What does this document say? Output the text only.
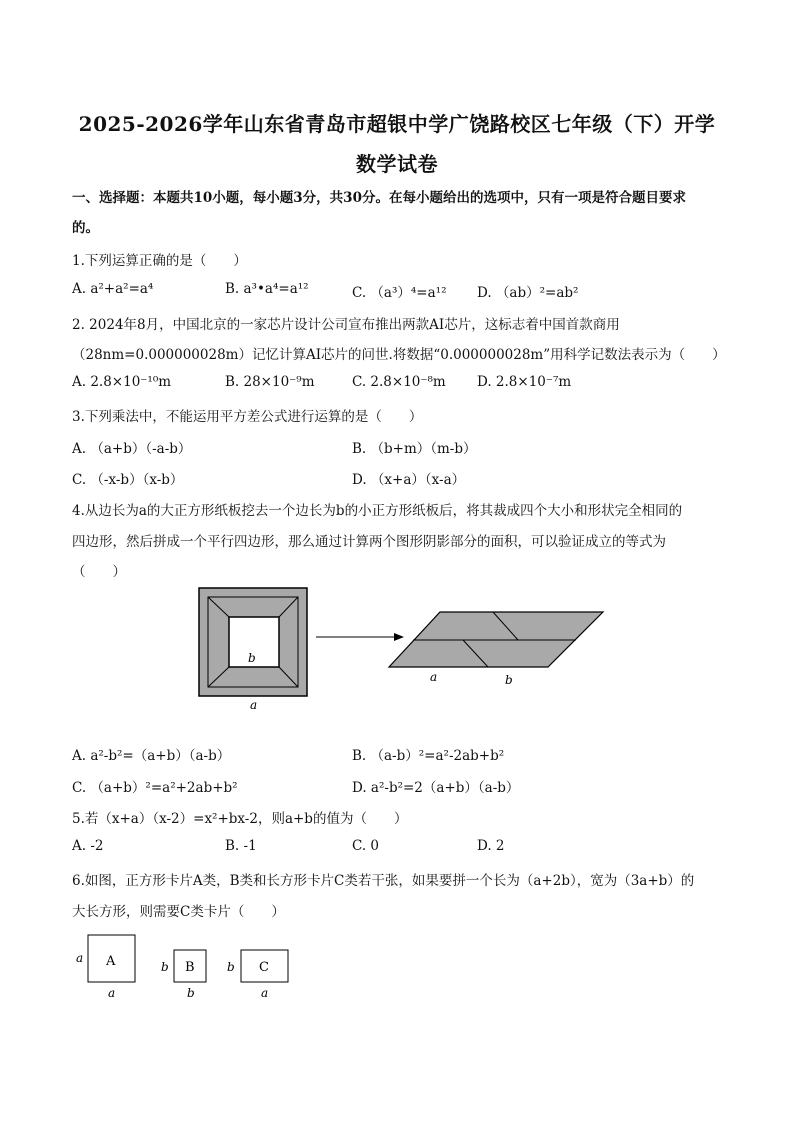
2025-2026学年山东省青岛市超银中学广饶路校区七年级（下）开学
数学试卷
一、选择题：本题共10小题，每小题3分，共30分。在每小题给出的选项中，只有一项是符合题目要求
的。
1.下列运算正确的是（　　）
A. a²+a²=a⁴	B. a³•a⁴=a¹²	C. （a³）⁴=a¹² D. （ab）²=ab²
2. 2024年8月，中国北京的一家芯片设计公司宣布推出两款AI芯片，这标志着中国首款商用
（28nm=0.000000028m）记忆计算AI芯片的问世.将数据“0.000000028m”用科学记数法表示为（　　）
A. 2.8×10⁻¹⁰m	B. 28×10⁻⁹m	C. 2.8×10⁻⁸m D. 2.8×10⁻⁷m
3.下列乘法中，不能运用平方差公式进行运算的是（　　）
A. （a+b）（-a-b）	B. （b+m）（m-b）
C. （-x-b）（x-b）	D. （x+a）（x-a）
4.从边长为a的大正方形纸板挖去一个边长为b的小正方形纸板后，将其裁成四个大小和形状完全相同的
四边形，然后拼成一个平行四边形，那么通过计算两个图形阴影部分的面积，可以验证成立的等式为
（　　）
b
a
a	b
A. a²-b²=（a+b）（a-b）	B. （a-b）²=a²-2ab+b²
C. （a+b）²=a²+2ab+b²	D. a²-b²=2（a+b）（a-b）
5.若（x+a）（x-2）=x²+bx-2，则a+b的值为（　　）
A. -2	B. -1	C. 0	D. 2
6.如图，正方形卡片A类，B类和长方形卡片C类若干张，如果要拼一个长为（a+2b），宽为（3a+b）的
大长方形，则需要C类卡片（　　）
A
a
a
B
b
b
C
b
a
